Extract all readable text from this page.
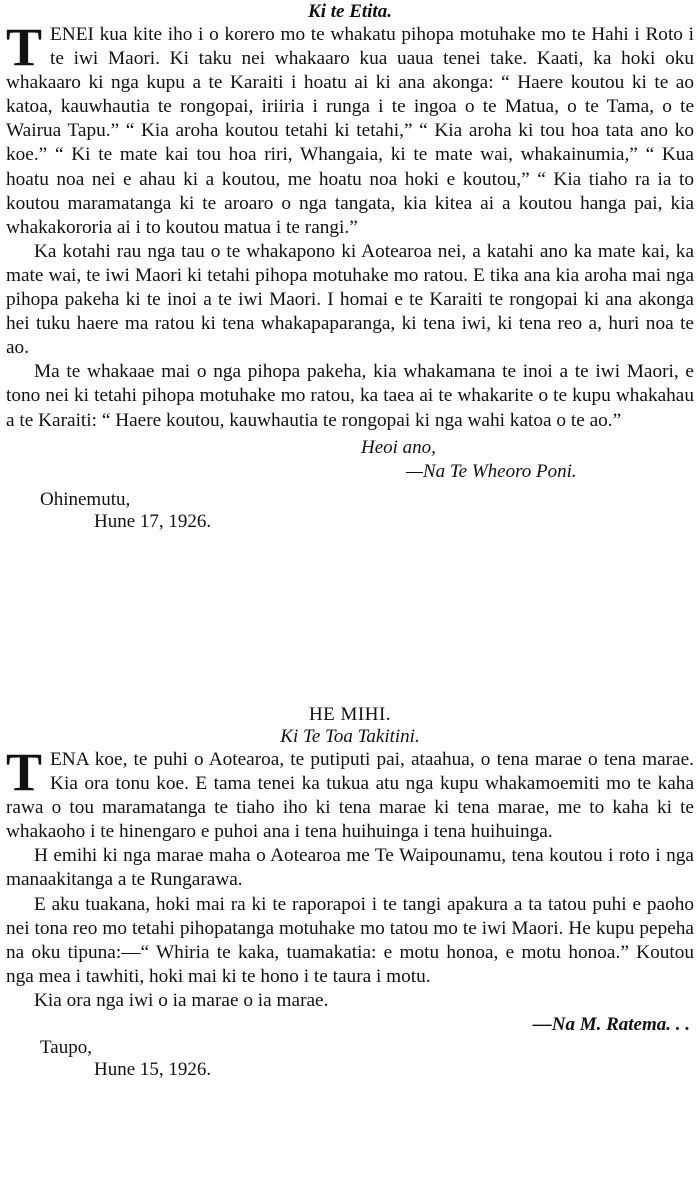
Ki te Etita.

TENEI kua kite iho i o korero mo te whakatu pihopa motuhake mo te Hahi i Roto i te iwi Maori. Ki taku nei whakaaro kua uaua tenei take. Kaati, ka hoki oku whakaaro ki nga kupu a te Karaiti i hoatu ai ki ana akonga: “ Haere koutou ki te ao katoa, kauwhautia te rongopai, iriiria i runga i te ingoa o te Matua, o te Tama, o te Wairua Tapu.” “ Kia aroha koutou tetahi ki tetahi,” “ Kia aroha ki tou hoa tata ano ko koe.” “ Ki te mate kai tou hoa riri, Whangaia, ki te mate wai, whakainumia,” “ Kua hoatu noa nei e ahau ki a koutou, me hoatu noa hoki e koutou,” “ Kia tiaho ra ia to koutou maramatanga ki te aroaro o nga tangata, kia kitea ai a koutou hanga pai, kia whakakororia ai i to koutou matua i te rangi.”

Ka kotahi rau nga tau o te whakapono ki Aotearoa nei, a katahi ano ka mate kai, ka mate wai, te iwi Maori ki tetahi pihopa motuhake mo ratou. E tika ana kia aroha mai nga pihopa pakeha ki te inoi a te iwi Maori. I homai e te Karaiti te rongopai ki ana akonga hei tuku haere ma ratou ki tena whakapaparanga, ki tena iwi, ki tena reo a, huri noa te ao.

Ma te whakaae mai o nga pihopa pakeha, kia whakamana te inoi a te iwi Maori, e tono nei ki tetahi pihopa motuhake mo ratou, ka taea ai te whakarite o te kupu whakahau a te Karaiti: “ Haere koutou, kauwhautia te rongopai ki nga wahi katoa o te ao.”

Heoi ano,
—Na Te Wheoro Poni.

Ohinemutu,

Hune 17, 1926.

HE MIHI.

Ki Te Toa Takitini.

TENA koe, te puhi o Aotearoa, te putiputi pai, ataahua, o tena marae o tena marae. Kia ora tonu koe. E tama tenei ka tukua atu nga kupu whakamoemiti mo te kaha rawa o tou maramatanga te tiaho iho ki tena marae ki tena marae, me to kaha ki te whakaoho i te hinengaro e puhoi ana i tena huihuinga i tena huihuinga.

H emihi ki nga marae maha o Aotearoa me Te Waipounamu, tena koutou i roto i nga manaakitanga a te Rungarawa.

E aku tuakana, hoki mai ra ki te raporapoi i te tangi apakura a ta tatou puhi e paoho nei tona reo mo tetahi pihopatanga motuhake mo tatou mo te iwi Maori. He kupu pepeha na oku tipuna:—“ Whiria te kaka, tuamakatia: e motu honoa, e motu honoa.” Koutou nga mea i tawhiti, hoki mai ki te hono i te taura i motu.

Kia ora nga iwi o ia marae o ia marae.

—Na M. Ratema. . .

Taupo,

Hune 15, 1926.
